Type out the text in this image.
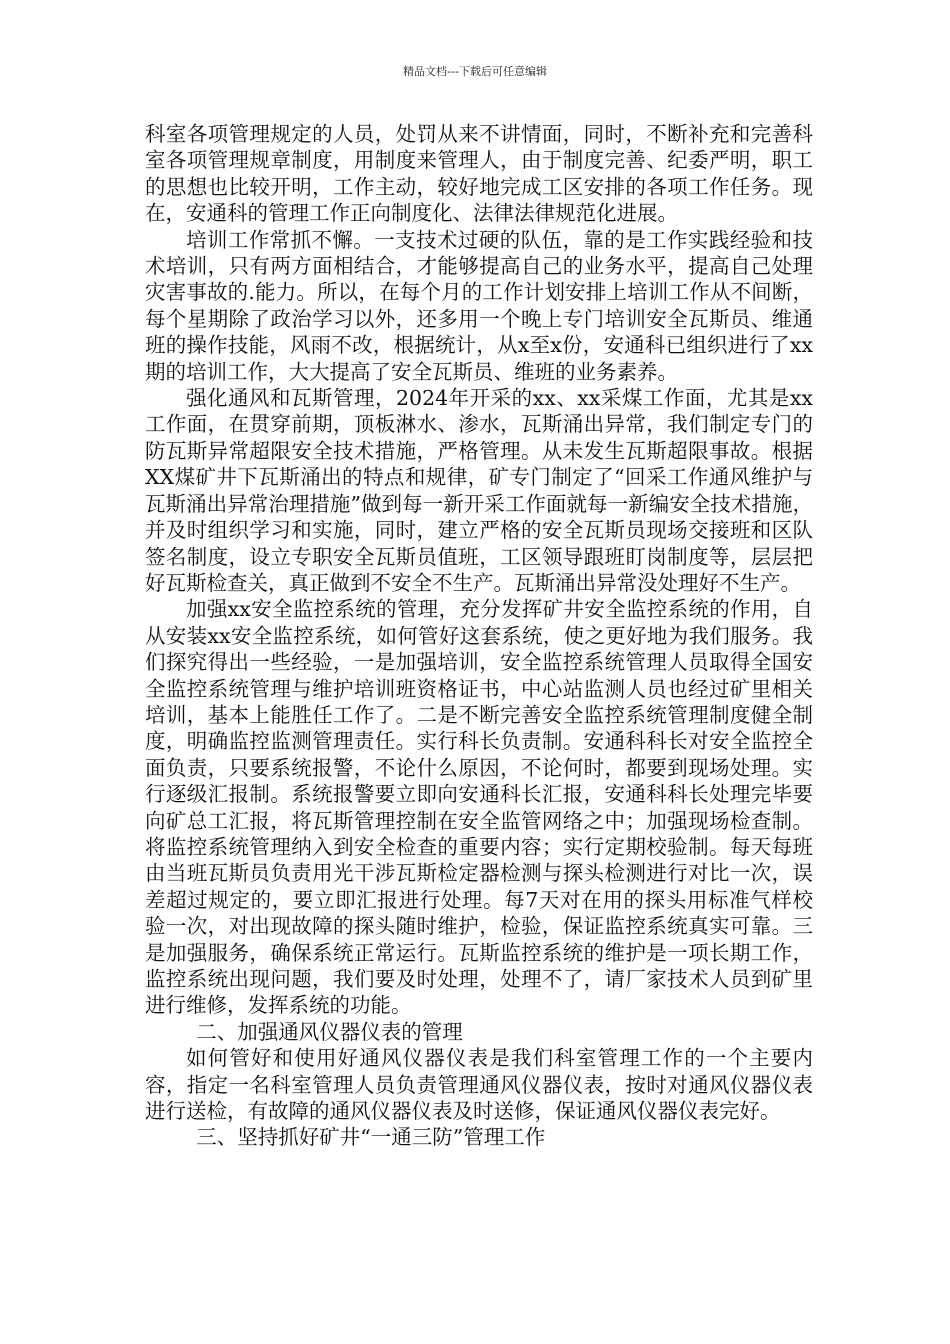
精品文档---下载后可任意编辑

科室各项管理规定的人员，处罚从来不讲情面，同时，不断补充和完善科室各项管理规章制度，用制度来管理人，由于制度完善、纪委严明，职工的思想也比较开明，工作主动，较好地完成工区安排的各项工作任务。现在，安通科的管理工作正向制度化、法律法律规范化进展。

培训工作常抓不懈。一支技术过硬的队伍，靠的是工作实践经验和技术培训，只有两方面相结合，才能够提高自己的业务水平，提高自己处理灾害事故的.能力。所以，在每个月的工作计划安排上培训工作从不间断，每个星期除了政治学习以外，还多用一个晚上专门培训安全瓦斯员、维通班的操作技能，风雨不改，根据统计，从x至x份，安通科已组织进行了xx期的培训工作，大大提高了安全瓦斯员、维班的业务素养。

强化通风和瓦斯管理，2024年开采的xx、xx采煤工作面，尤其是xx工作面，在贯穿前期，顶板淋水、渗水，瓦斯涌出异常，我们制定专门的防瓦斯异常超限安全技术措施，严格管理。从未发生瓦斯超限事故。根据XX煤矿井下瓦斯涌出的特点和规律，矿专门制定了“回采工作通风维护与瓦斯涌出异常治理措施”做到每一新开采工作面就每一新编安全技术措施，并及时组织学习和实施，同时，建立严格的安全瓦斯员现场交接班和区队签名制度，设立专职安全瓦斯员值班，工区领导跟班盯岗制度等，层层把好瓦斯检查关，真正做到不安全不生产。瓦斯涌出异常没处理好不生产。

加强xx安全监控系统的管理，充分发挥矿井安全监控系统的作用，自从安装xx安全监控系统，如何管好这套系统，使之更好地为我们服务。我们探究得出一些经验，一是加强培训，安全监控系统管理人员取得全国安全监控系统管理与维护培训班资格证书，中心站监测人员也经过矿里相关培训，基本上能胜任工作了。二是不断完善安全监控系统管理制度健全制度，明确监控监测管理责任。实行科长负责制。安通科科长对安全监控全面负责，只要系统报警，不论什么原因，不论何时，都要到现场处理。实行逐级汇报制。系统报警要立即向安通科长汇报，安通科科长处理完毕要向矿总工汇报，将瓦斯管理控制在安全监管网络之中；加强现场检查制。将监控系统管理纳入到安全检查的重要内容；实行定期校验制。每天每班由当班瓦斯员负责用光干涉瓦斯检定器检测与探头检测进行对比一次，误差超过规定的，要立即汇报进行处理。每7天对在用的探头用标准气样校验一次，对出现故障的探头随时维护，检验，保证监控系统真实可靠。三是加强服务，确保系统正常运行。瓦斯监控系统的维护是一项长期工作，监控系统出现问题，我们要及时处理，处理不了，请厂家技术人员到矿里进行维修，发挥系统的功能。

二、加强通风仪器仪表的管理

如何管好和使用好通风仪器仪表是我们科室管理工作的一个主要内容，指定一名科室管理人员负责管理通风仪器仪表，按时对通风仪器仪表进行送检，有故障的通风仪器仪表及时送修，保证通风仪器仪表完好。

三、坚持抓好矿井“一通三防”管理工作
